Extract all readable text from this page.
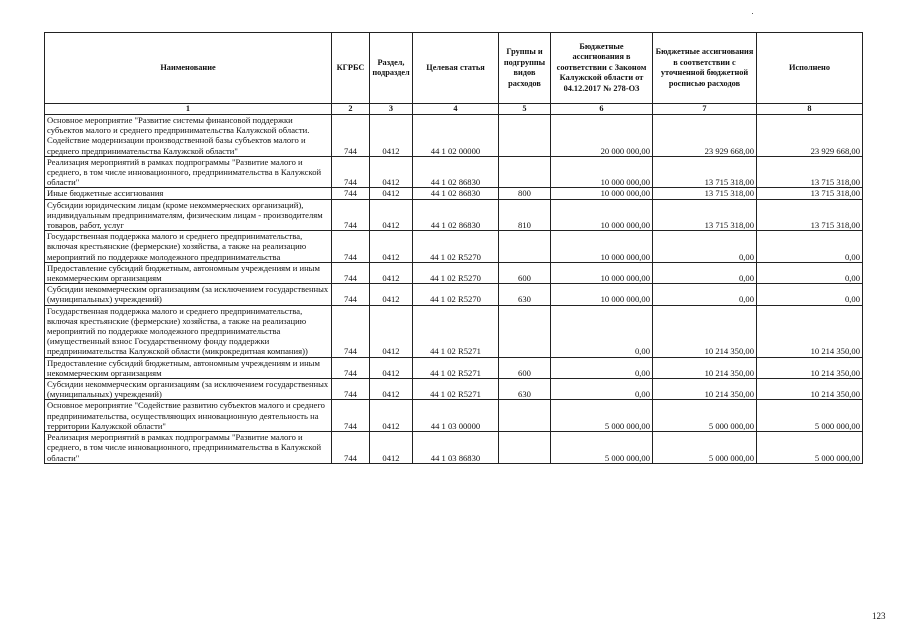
Наименование	КГРБС	Раздел, подраздел	Целевая статья	Группы и подгруппы видов расходов	Бюджетные ассигнования в соответствии с Законом Калужской области от 04.12.2017 № 278-ОЗ	Бюджетные ассигнования в соответствии с уточненной бюджетной росписью расходов	Исполнено
1	2	3	4	5	6	7	8
Основное мероприятие "Развитие системы финансовой поддержки субъектов малого и среднего предпринимательства Калужской области. Содействие модернизации производственной базы субъектов малого и среднего предпринимательства Калужской области"	744	0412	44 1 02 00000		20 000 000,00	23 929 668,00	23 929 668,00
Реализация мероприятий в рамках подпрограммы "Развитие малого и среднего, в том числе инновационного, предпринимательства в Калужской области"	744	0412	44 1 02 86830		10 000 000,00	13 715 318,00	13 715 318,00
Иные бюджетные ассигнования	744	0412	44 1 02 86830	800	10 000 000,00	13 715 318,00	13 715 318,00
Субсидии юридическим лицам (кроме некоммерческих организаций), индивидуальным предпринимателям, физическим лицам - производителям товаров, работ, услуг	744	0412	44 1 02 86830	810	10 000 000,00	13 715 318,00	13 715 318,00
Государственная поддержка малого и среднего предпринимательства, включая крестьянские (фермерские) хозяйства, а также на реализацию мероприятий по поддержке молодежного предпринимательства	744	0412	44 1 02 R5270		10 000 000,00	0,00	0,00
Предоставление субсидий бюджетным, автономным учреждениям и иным некоммерческим организациям	744	0412	44 1 02 R5270	600	10 000 000,00	0,00	0,00
Субсидии некоммерческим организациям (за исключением государственных (муниципальных) учреждений)	744	0412	44 1 02 R5270	630	10 000 000,00	0,00	0,00
Государственная поддержка малого и среднего предпринимательства, включая крестьянские (фермерские) хозяйства, а также на реализацию мероприятий по поддержке молодежного предпринимательства (имущественный взнос Государственному фонду поддержки предпринимательства Калужской области (микрокредитная компания))	744	0412	44 1 02 R5271		0,00	10 214 350,00	10 214 350,00
Предоставление субсидий бюджетным, автономным учреждениям и иным некоммерческим организациям	744	0412	44 1 02 R5271	600	0,00	10 214 350,00	10 214 350,00
Субсидии некоммерческим организациям (за исключением государственных (муниципальных) учреждений)	744	0412	44 1 02 R5271	630	0,00	10 214 350,00	10 214 350,00
Основное мероприятие "Содействие развитию субъектов малого и среднего предпринимательства, осуществляющих инновационную деятельность на территории Калужской области"	744	0412	44 1 03 00000		5 000 000,00	5 000 000,00	5 000 000,00
Реализация мероприятий в рамках подпрограммы "Развитие малого и среднего, в том числе инновационного, предпринимательства в Калужской области"	744	0412	44 1 03 86830		5 000 000,00	5 000 000,00	5 000 000,00
123
